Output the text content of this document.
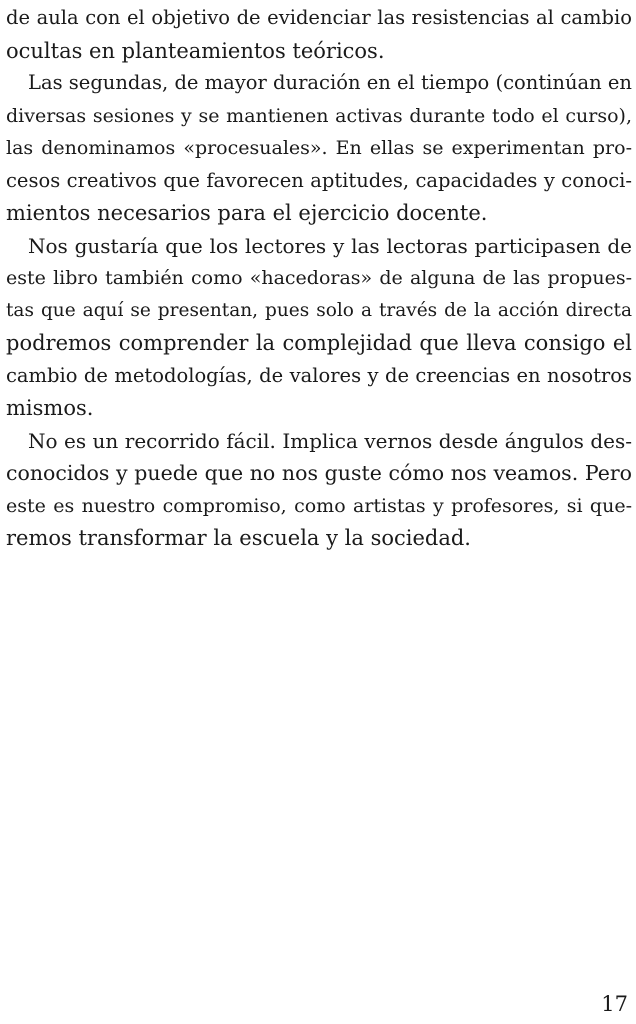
de aula con el objetivo de evidenciar las resistencias al cambio
ocultas en planteamientos teóricos.
Las segundas, de mayor duración en el tiempo (continúan en
diversas sesiones y se mantienen activas durante todo el curso),
las denominamos «procesuales». En ellas se experimentan pro-
cesos creativos que favorecen aptitudes, capacidades y conoci-
mientos necesarios para el ejercicio docente.
Nos gustaría que los lectores y las lectoras participasen de
este libro también como «hacedoras» de alguna de las propues-
tas que aquí se presentan, pues solo a través de la acción directa
podremos comprender la complejidad que lleva consigo el
cambio de metodologías, de valores y de creencias en nosotros
mismos.
No es un recorrido fácil. Implica vernos desde ángulos des-
conocidos y puede que no nos guste cómo nos veamos. Pero
este es nuestro compromiso, como artistas y profesores, si que-
remos transformar la escuela y la sociedad.
17
